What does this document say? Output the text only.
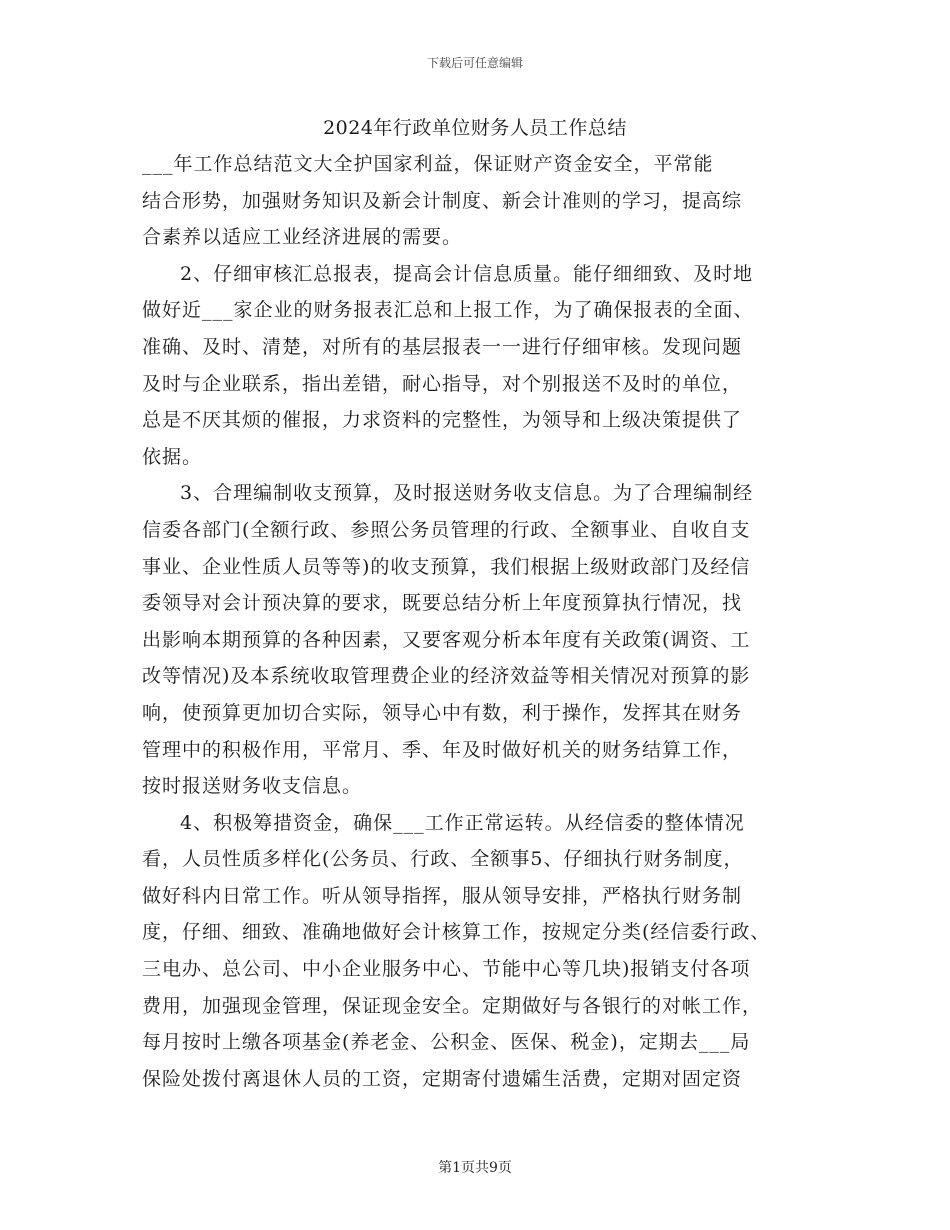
下载后可任意编辑
2024年行政单位财务人员工作总结
___年工作总结范文大全护国家利益，保证财产资金安全，平常能
结合形势，加强财务知识及新会计制度、新会计准则的学习，提高综
合素养以适应工业经济进展的需要。
2、仔细审核汇总报表，提高会计信息质量。能仔细细致、及时地
做好近___家企业的财务报表汇总和上报工作，为了确保报表的全面、
准确、及时、清楚，对所有的基层报表一一进行仔细审核。发现问题
及时与企业联系，指出差错，耐心指导，对个别报送不及时的单位，
总是不厌其烦的催报，力求资料的完整性，为领导和上级决策提供了
依据。
3、合理编制收支预算，及时报送财务收支信息。为了合理编制经
信委各部门(全额行政、参照公务员管理的行政、全额事业、自收自支
事业、企业性质人员等等)的收支预算，我们根据上级财政部门及经信
委领导对会计预决算的要求，既要总结分析上年度预算执行情况，找
出影响本期预算的各种因素，又要客观分析本年度有关政策(调资、工
改等情况)及本系统收取管理费企业的经济效益等相关情况对预算的影
响，使预算更加切合实际，领导心中有数，利于操作，发挥其在财务
管理中的积极作用，平常月、季、年及时做好机关的财务结算工作，
按时报送财务收支信息。
4、积极筹措资金，确保___工作正常运转。从经信委的整体情况
看，人员性质多样化(公务员、行政、全额事5、仔细执行财务制度，
做好科内日常工作。听从领导指挥，服从领导安排，严格执行财务制
度，仔细、细致、准确地做好会计核算工作，按规定分类(经信委行政、
三电办、总公司、中小企业服务中心、节能中心等几块)报销支付各项
费用，加强现金管理，保证现金安全。定期做好与各银行的对帐工作，
每月按时上缴各项基金(养老金、公积金、医保、税金)，定期去___局
保险处拨付离退休人员的工资，定期寄付遗孀生活费，定期对固定资
第1页共9页
